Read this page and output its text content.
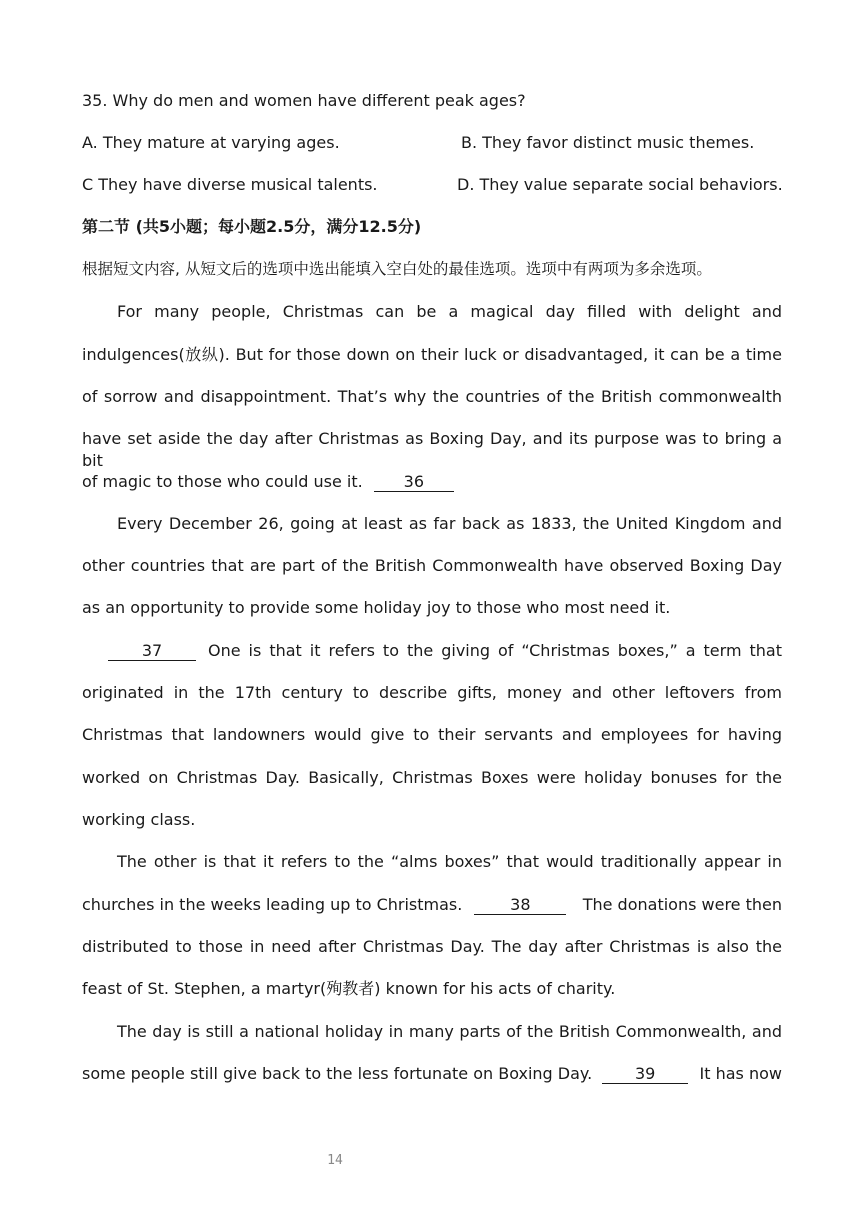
35. Why do men and women have different peak ages?
A. They mature at varying ages.	B. They favor distinct music themes.
C They have diverse musical talents.	D. They value separate social behaviors.
第二节 (共5小题；每小题2.5分，满分12.5分)
根据短文内容, 从短文后的选项中选出能填入空白处的最佳选项。选项中有两项为多余选项。
For many people, Christmas can be a magical day filled with delight and
indulgences(放纵). But for those down on their luck or disadvantaged, it can be a time
of sorrow and disappointment. That’s why the countries of the British commonwealth
have set aside the day after Christmas as Boxing Day, and its purpose was to bring a bit
of magic to those who could use it.	36
Every December 26, going at least as far back as 1833, the United Kingdom and
other countries that are part of the British Commonwealth have observed Boxing Day
as an opportunity to provide some holiday joy to those who most need it.
37	One is that it refers to the giving of “Christmas boxes,” a term that
originated in the 17th century to describe gifts, money and other leftovers from
Christmas that landowners would give to their servants and employees for having
worked on Christmas Day. Basically, Christmas Boxes were holiday bonuses for the
working class.
The other is that it refers to the “alms boxes” that would traditionally appear in
churches in the weeks leading up to Christmas.	38	The donations were then
distributed to those in need after Christmas Day. The day after Christmas is also the
feast of St. Stephen, a martyr(殉教者) known for his acts of charity.
The day is still a national holiday in many parts of the British Commonwealth, and
some people still give back to the less fortunate on Boxing Day.	39	It has now
14
